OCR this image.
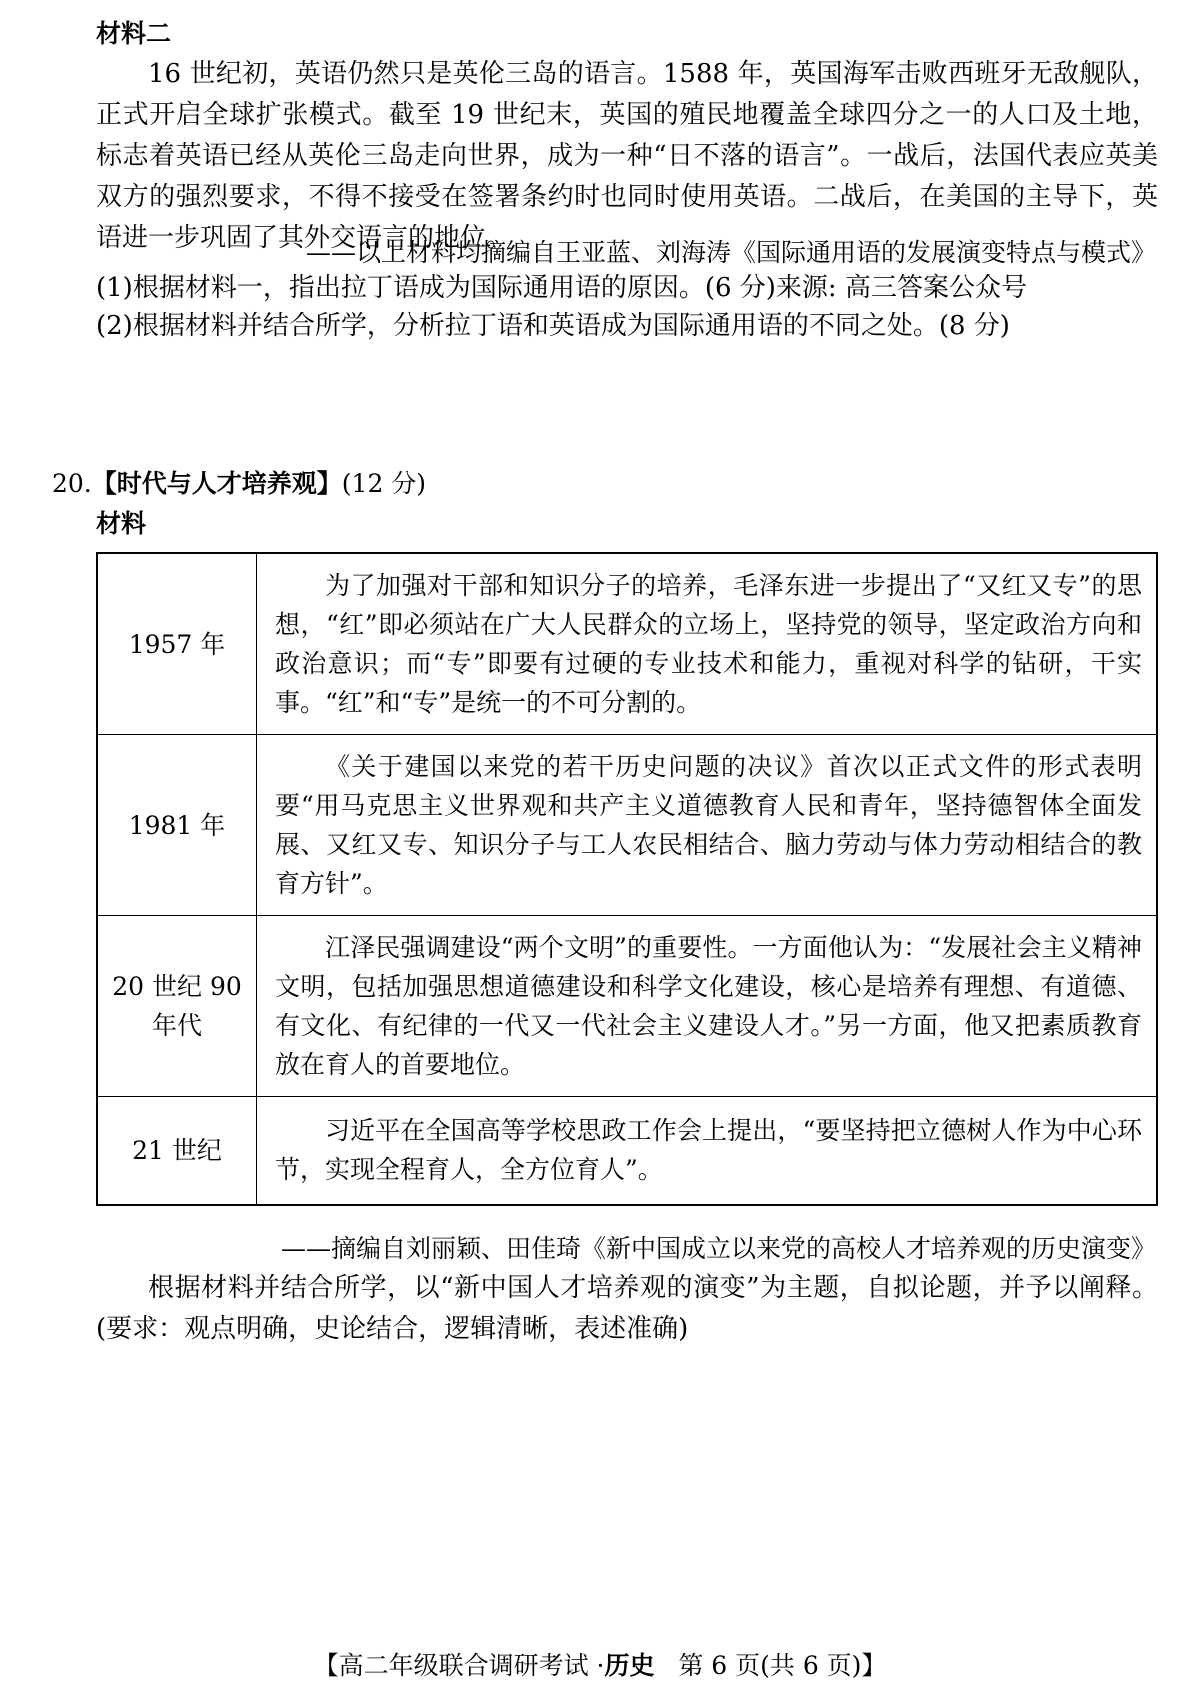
材料二
16 世纪初，英语仍然只是英伦三岛的语言。1588 年，英国海军击败西班牙无敌舰队，正式开启全球扩张模式。截至 19 世纪末，英国的殖民地覆盖全球四分之一的人口及土地，标志着英语已经从英伦三岛走向世界，成为一种“日不落的语言”。一战后，法国代表应英美双方的强烈要求，不得不接受在签署条约时也同时使用英语。二战后，在美国的主导下，英语进一步巩固了其外交语言的地位。
——以上材料均摘编自王亚蓝、刘海涛《国际通用语的发展演变特点与模式》
(1)根据材料一，指出拉丁语成为国际通用语的原因。(6 分)来源: 高三答案公众号
(2)根据材料并结合所学，分析拉丁语和英语成为国际通用语的不同之处。(8 分)
20.【时代与人才培养观】(12 分)
材料
1957 年	为了加强对干部和知识分子的培养，毛泽东进一步提出了“又红又专”的思想，“红”即必须站在广大人民群众的立场上，坚持党的领导，坚定政治方向和政治意识；而“专”即要有过硬的专业技术和能力，重视对科学的钻研，干实事。“红”和“专”是统一的不可分割的。
1981 年	《关于建国以来党的若干历史问题的决议》首次以正式文件的形式表明要“用马克思主义世界观和共产主义道德教育人民和青年，坚持德智体全面发展、又红又专、知识分子与工人农民相结合、脑力劳动与体力劳动相结合的教育方针”。
20 世纪 90 年代	江泽民强调建设“两个文明”的重要性。一方面他认为：“发展社会主义精神文明，包括加强思想道德建设和科学文化建设，核心是培养有理想、有道德、有文化、有纪律的一代又一代社会主义建设人才。”另一方面，他又把素质教育放在育人的首要地位。
21 世纪	习近平在全国高等学校思政工作会上提出，“要坚持把立德树人作为中心环节，实现全程育人，全方位育人”。
——摘编自刘丽颖、田佳琦《新中国成立以来党的高校人才培养观的历史演变》
根据材料并结合所学，以“新中国人才培养观的演变”为主题，自拟论题，并予以阐释。(要求：观点明确，史论结合，逻辑清晰，表述准确)
【高二年级联合调研考试 ·历史 第 6 页(共 6 页)】
